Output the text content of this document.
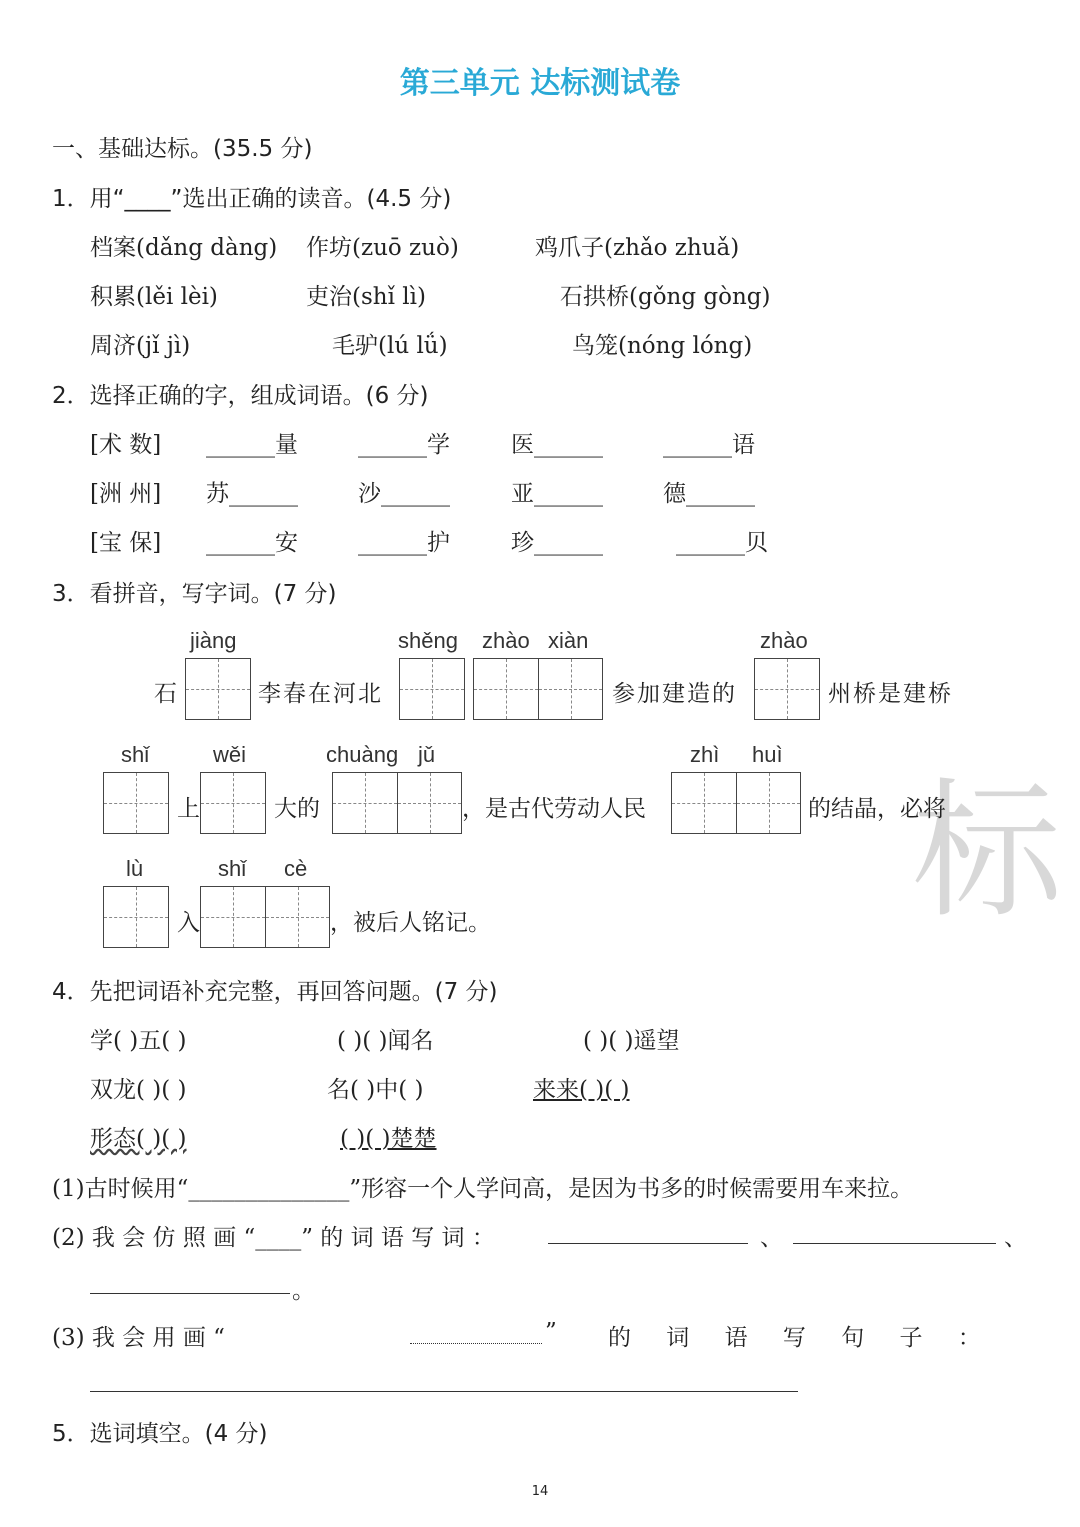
第三单元 达标测试卷
一、基础达标。(35.5 分)
1．用“____”选出正确的读音。(4.5 分)
档案(dǎng dàng) 作坊(zuō zuò)	鸡爪子(zhǎo zhuǎ)
积累(lěi lèi)	吏治(shǐ lì)	石拱桥(gǒng gòng)
周济(jǐ jì)	毛驴(lú lǘ)	鸟笼(nóng lóng)
2．选择正确的字，组成词语。(6 分)
[术 数] ______量	______学	医______	______语
[洲 州] 苏______	沙______	亚______	德______
[宝 保] ______安	______护	珍______	______贝
3．看拼音，写字词。(7 分)
标
jiàng	shěng zhào xiàn	zhào
石	李春在河北	参加建造的	州桥是建桥
shǐ	wěi	chuàng jǔ	zhì huì
上	大的	，是古代劳动人民	的结晶，必将
lù	shǐ cè
入	，被后人铭记。
4．先把词语补充完整，再回答问题。(7 分)
学( )五( )	( )( )闻名	( )( )遥望
双龙( )( )	名( )中( )	来来( )( )
形态( )( )	( )( )楚楚
(1)古时候用“______________”形容一个人学问高，是因为书多的时候需要用车来拉。
(2) 我 会 仿 照 画 “____” 的 词 语 写 词 ：	、	、
。
(3) 我 会 用 画 “	” 的 词 语 写 句 子 ：
5．选词填空。(4 分)
14
